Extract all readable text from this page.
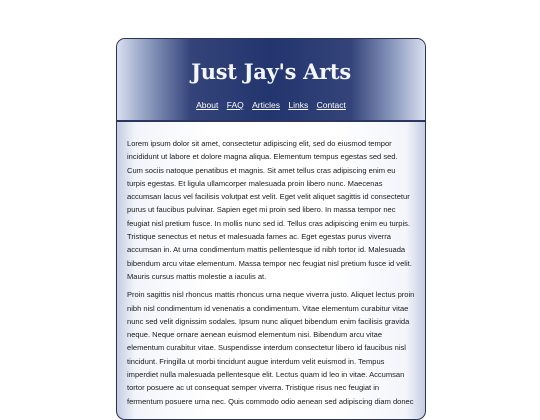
Just Jay's Arts
About FAQ Articles Links Contact

Lorem ipsum dolor sit amet, consectetur adipiscing elit, sed do eiusmod tempor incididunt ut labore et dolore magna aliqua. Elementum tempus egestas sed sed. Cum sociis natoque penatibus et magnis. Sit amet tellus cras adipiscing enim eu turpis egestas. Et ligula ullamcorper malesuada proin libero nunc. Maecenas accumsan lacus vel facilisis volutpat est velit. Eget velit aliquet sagittis id consectetur purus ut faucibus pulvinar. Sapien eget mi proin sed libero. In massa tempor nec feugiat nisl pretium fusce. In mollis nunc sed id. Tellus cras adipiscing enim eu turpis. Tristique senectus et netus et malesuada fames ac. Eget egestas purus viverra accumsan in. At urna condimentum mattis pellentesque id nibh tortor id. Malesuada bibendum arcu vitae elementum. Massa tempor nec feugiat nisl pretium fusce id velit. Mauris cursus mattis molestie a iaculis at.

Proin sagittis nisl rhoncus mattis rhoncus urna neque viverra justo. Aliquet lectus proin nibh nisl condimentum id venenatis a condimentum. Vitae elementum curabitur vitae nunc sed velit dignissim sodales. Ipsum nunc aliquet bibendum enim facilisis gravida neque. Neque ornare aenean euismod elementum nisi. Bibendum arcu vitae elementum curabitur vitae. Suspendisse interdum consectetur libero id faucibus nisl tincidunt. Fringilla ut morbi tincidunt augue interdum velit euismod in. Tempus imperdiet nulla malesuada pellentesque elit. Lectus quam id leo in vitae. Accumsan tortor posuere ac ut consequat semper viverra. Tristique risus nec feugiat in fermentum posuere urna nec. Quis commodo odio aenean sed adipiscing diam donec
